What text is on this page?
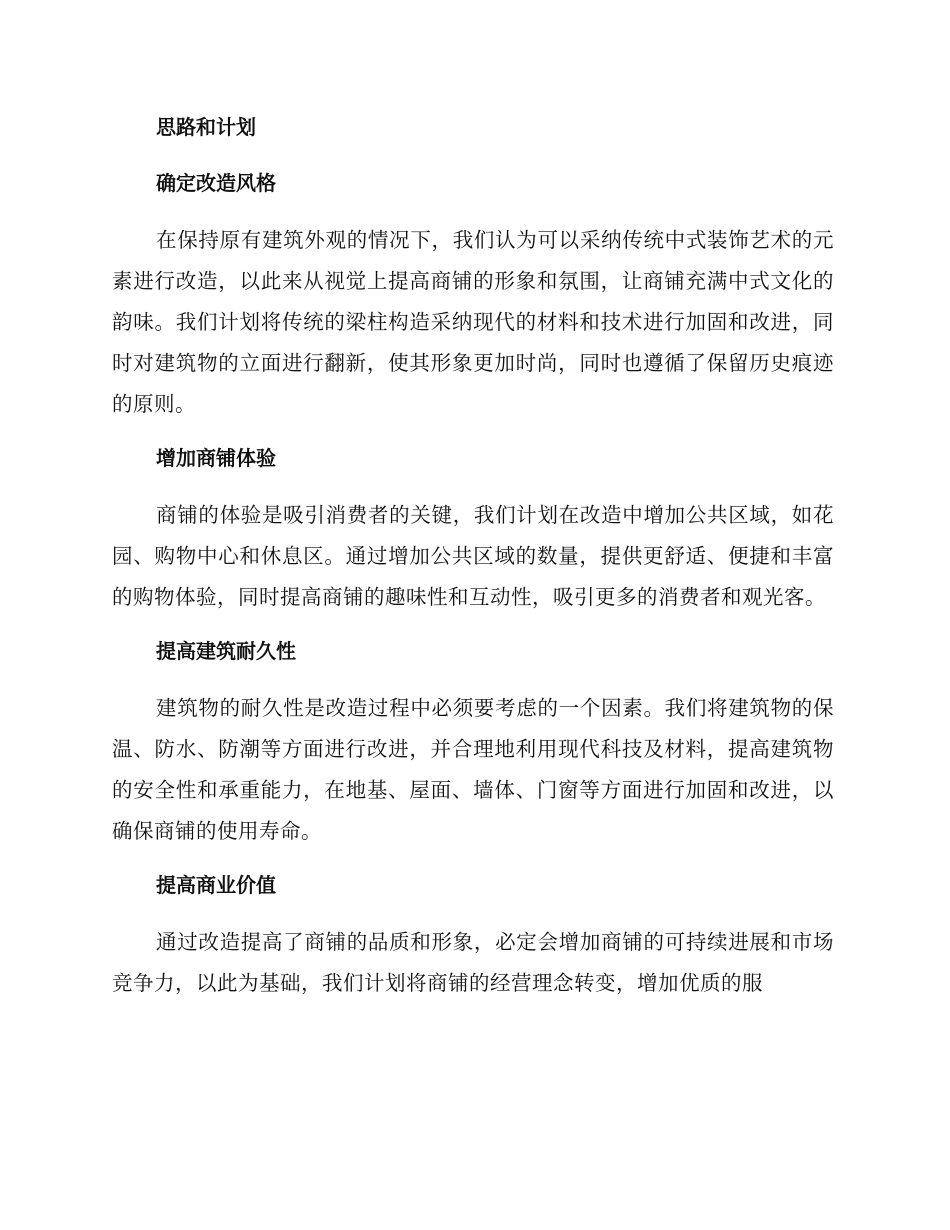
思路和计划
确定改造风格

在保持原有建筑外观的情况下，我们认为可以采纳传统中式装饰艺术的元素进行改造，以此来从视觉上提高商铺的形象和氛围，让商铺充满中式文化的韵味。我们计划将传统的梁柱构造采纳现代的材料和技术进行加固和改进，同时对建筑物的立面进行翻新，使其形象更加时尚，同时也遵循了保留历史痕迹的原则。

增加商铺体验

商铺的体验是吸引消费者的关键，我们计划在改造中增加公共区域，如花园、购物中心和休息区。通过增加公共区域的数量，提供更舒适、便捷和丰富的购物体验，同时提高商铺的趣味性和互动性，吸引更多的消费者和观光客。

提高建筑耐久性

建筑物的耐久性是改造过程中必须要考虑的一个因素。我们将建筑物的保温、防水、防潮等方面进行改进，并合理地利用现代科技及材料，提高建筑物的安全性和承重能力，在地基、屋面、墙体、门窗等方面进行加固和改进，以确保商铺的使用寿命。

提高商业价值

通过改造提高了商铺的品质和形象，必定会增加商铺的可持续进展和市场竞争力，以此为基础，我们计划将商铺的经营理念转变，增加优质的服
